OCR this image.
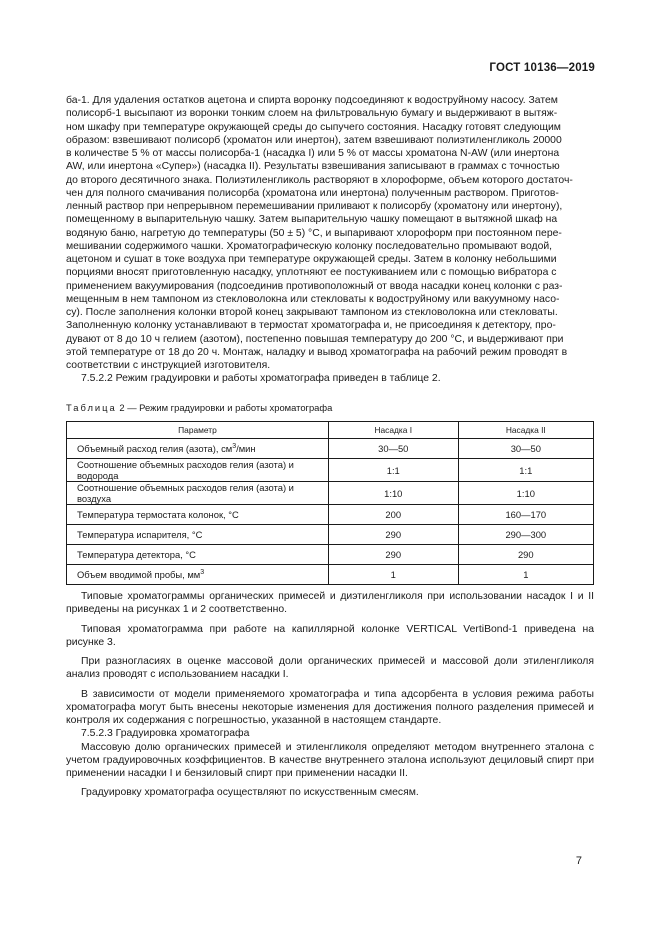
ГОСТ 10136—2019

ба-1. Для удаления остатков ацетона и спирта воронку подсоединяют к водоструйному насосу. Затем

полисорб-1 высыпают из воронки тонким слоем на фильтровальную бумагу и выдерживают в вытяж-

ном шкафу при температуре окружающей среды до сыпучего состояния. Насадку готовят следующим

образом: взвешивают полисорб (хроматон или инертон), затем взвешивают полиэтиленгликоль 20000

в количестве 5 % от массы полисорба-1 (насадка I) или 5 % от массы хроматона N-AW (или инертона

AW, или инертона «Супер») (насадка II). Результаты взвешивания записывают в граммах с точностью

до второго десятичного знака. Полиэтиленгликоль растворяют в хлороформе, объем которого достаточ-

чен для полного смачивания полисорба (хроматона или инертона) полученным раствором. Приготов-

ленный раствор при непрерывном перемешивании приливают к полисорбу (хроматону или инертону),

помещенному в выпарительную чашку. Затем выпарительную чашку помещают в вытяжной шкаф на

водяную баню, нагретую до температуры (50 ± 5) °C, и выпаривают хлороформ при постоянном пере-

мешивании содержимого чашки. Хроматографическую колонку последовательно промывают водой,

ацетоном и сушат в токе воздуха при температуре окружающей среды. Затем в колонку небольшими

порциями вносят приготовленную насадку, уплотняют ее постукиванием или с помощью вибратора с

применением вакуумирования (подсоединив противоположный от ввода насадки конец колонки с раз-

мещенным в нем тампоном из стекловолокна или стекловаты к водоструйному или вакуумному насо-

су). После заполнения колонки второй конец закрывают тампоном из стекловолокна или стекловаты.

Заполненную колонку устанавливают в термостат хроматографа и, не присоединяя к детектору, про-

дувают от 8 до 10 ч гелием (азотом), постепенно повышая температуру до 200 °C, и выдерживают при

этой температуре от 18 до 20 ч. Монтаж, наладку и вывод хроматографа на рабочий режим проводят в

соответствии с инструкцией изготовителя.

7.5.2.2 Режим градуировки и работы хроматографа приведен в таблице 2.

Таблица 2 — Режим градуировки и работы хроматографа
Параметр	Насадка I	Насадка II
Объемный расход гелия (азота), $см^3$/мин	30—50	30—50
Соотношение объемных расходов гелия (азота) и водорода	1:1	1:1
Соотношение объемных расходов гелия (азота) и воздуха	1:10	1:10
Температура термостата колонок, °C	200	160—170
Температура испарителя, °C	290	290—300
Температура детектора, °C	290	290
Объем вводимой пробы, $мм^3$	1	1

Типовые хроматограммы органических примесей и диэтиленгликоля при использовании насадок I и II приведены на рисунках 1 и 2 соответственно.

Типовая хроматограмма при работе на капиллярной колонке VERTICAL VertiBond-1 приведена на рисунке 3.

При разногласиях в оценке массовой доли органических примесей и массовой доли этиленгликоля анализ проводят с использованием насадки I.

В зависимости от модели применяемого хроматографа и типа адсорбента в условия режима работы хроматографа могут быть внесены некоторые изменения для достижения полного разделения примесей и контроля их содержания с погрешностью, указанной в настоящем стандарте.

7.5.2.3 Градуировка хроматографа

Массовую долю органических примесей и этиленгликоля определяют методом внутреннего эталона с учетом градуировочных коэффициентов. В качестве внутреннего эталона используют дециловый спирт при применении насадки I и бензиловый спирт при применении насадки II.

Градуировку хроматографа осуществляют по искусственным смесям.

7
